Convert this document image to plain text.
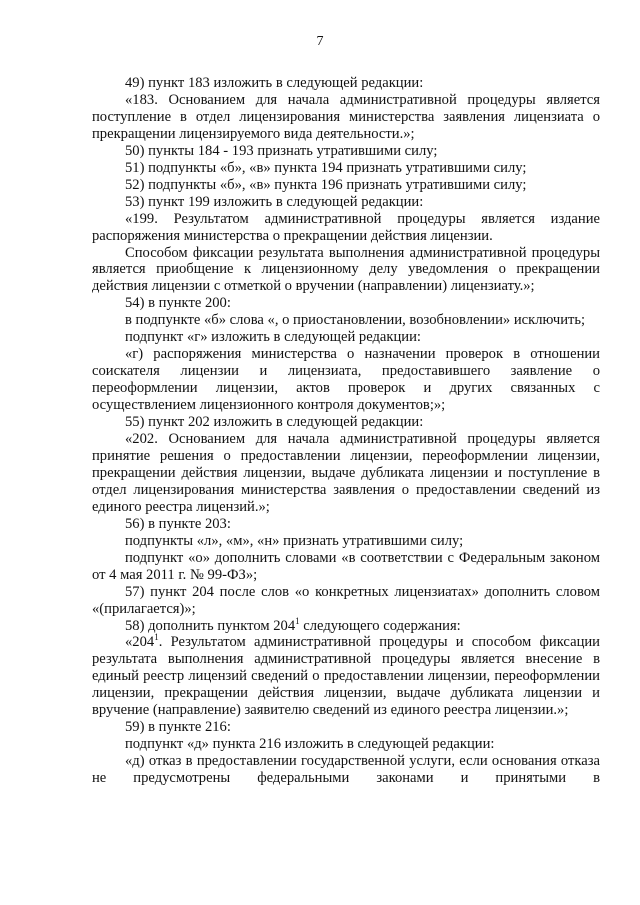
7

49) пункт 183 изложить в следующей редакции:

«183. Основанием для начала административной процедуры является поступление в отдел лицензирования министерства заявления лицензиата о прекращении лицензируемого вида деятельности.»;

50) пункты 184 - 193 признать утратившими силу;

51) подпункты «б», «в» пункта 194 признать утратившими силу;

52) подпункты «б», «в» пункта 196 признать утратившими силу;

53) пункт 199 изложить в следующей редакции:

«199. Результатом административной процедуры является издание распоряжения министерства о прекращении действия лицензии.

Способом фиксации результата выполнения административной процедуры является приобщение к лицензионному делу уведомления о прекращении действия лицензии с отметкой о вручении (направлении) лицензиату.»;

54) в пункте 200:

в подпункте «б» слова «, о приостановлении, возобновлении» исключить;

подпункт «г» изложить в следующей редакции:

«г) распоряжения министерства о назначении проверок в отношении соискателя лицензии и лицензиата, предоставившего заявление о переоформлении лицензии, актов проверок и других связанных с осуществлением лицензионного контроля документов;»;

55) пункт 202 изложить в следующей редакции:

«202. Основанием для начала административной процедуры является принятие решения о предоставлении лицензии, переоформлении лицензии, прекращении действия лицензии, выдаче дубликата лицензии и поступление в отдел лицензирования министерства заявления о предоставлении сведений из единого реестра лицензий.»;

56) в пункте 203:

подпункты «л», «м», «н» признать утратившими силу;

подпункт «о» дополнить словами «в соответствии с Федеральным законом от 4 мая 2011 г. № 99-ФЗ»;

57) пункт 204 после слов «о конкретных лицензиатах» дополнить словом «(прилагается)»;

58) дополнить пунктом $204^1$ следующего содержания:

«$204^1$. Результатом административной процедуры и способом фиксации результата выполнения административной процедуры является внесение в единый реестр лицензий сведений о предоставлении лицензии, переоформлении лицензии, прекращении действия лицензии, выдаче дубликата лицензии и вручение (направление) заявителю сведений из единого реестра лицензии.»;

59) в пункте 216:

подпункт «д» пункта 216 изложить в следующей редакции:

«д) отказ в предоставлении государственной услуги, если основания отказа не предусмотрены федеральными законами и принятыми в
